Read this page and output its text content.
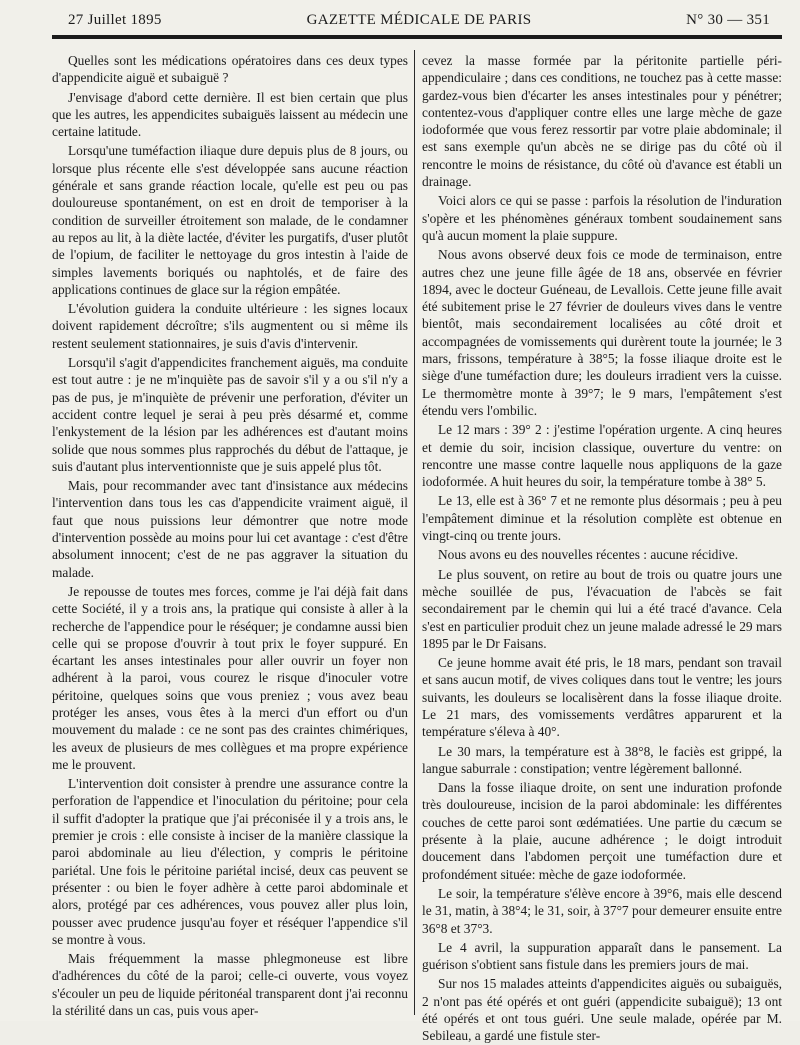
27 Juillet 1895	GAZETTE MÉDICALE DE PARIS	N° 30 — 351

Quelles sont les médications opératoires dans ces deux types d'appendicite aiguë et subaiguë ?

J'envisage d'abord cette dernière. Il est bien certain que plus que les autres, les appendicites subaiguës laissent au médecin une certaine latitude.

Lorsqu'une tuméfaction iliaque dure depuis plus de 8 jours, ou lorsque plus récente elle s'est développée sans aucune réaction générale et sans grande réaction locale, qu'elle est peu ou pas douloureuse spontanément, on est en droit de temporiser à la condition de surveiller étroitement son malade, de le condamner au repos au lit, à la diète lactée, d'éviter les purgatifs, d'user plutôt de l'opium, de faciliter le nettoyage du gros intestin à l'aide de simples lavements boriqués ou naphtolés, et de faire des applications continues de glace sur la région empâtée.

L'évolution guidera la conduite ultérieure : les signes locaux doivent rapidement décroître; s'ils augmentent ou si même ils restent seulement stationnaires, je suis d'avis d'intervenir.

Lorsqu'il s'agit d'appendicites franchement aiguës, ma conduite est tout autre : je ne m'inquiète pas de savoir s'il y a ou s'il n'y a pas de pus, je m'inquiète de prévenir une perforation, d'éviter un accident contre lequel je serai à peu près désarmé et, comme l'enkystement de la lésion par les adhérences est d'autant moins solide que nous sommes plus rapprochés du début de l'attaque, je suis d'autant plus interventionniste que je suis appelé plus tôt.

Mais, pour recommander avec tant d'insistance aux médecins l'intervention dans tous les cas d'appendicite vraiment aiguë, il faut que nous puissions leur démontrer que notre mode d'intervention possède au moins pour lui cet avantage : c'est d'être absolument innocent; c'est de ne pas aggraver la situation du malade.

Je repousse de toutes mes forces, comme je l'ai déjà fait dans cette Société, il y a trois ans, la pratique qui consiste à aller à la recherche de l'appendice pour le réséquer; je condamne aussi bien celle qui se propose d'ouvrir à tout prix le foyer suppuré. En écartant les anses intestinales pour aller ouvrir un foyer non adhérent à la paroi, vous courez le risque d'inoculer votre péritoine, quelques soins que vous preniez ; vous avez beau protéger les anses, vous êtes à la merci d'un effort ou d'un mouvement du malade : ce ne sont pas des craintes chimériques, les aveux de plusieurs de mes collègues et ma propre expérience me le prouvent.

L'intervention doit consister à prendre une assurance contre la perforation de l'appendice et l'inoculation du péritoine; pour cela il suffit d'adopter la pratique que j'ai préconisée il y a trois ans, le premier je crois : elle consiste à inciser de la manière classique la paroi abdominale au lieu d'élection, y compris le péritoine pariétal. Une fois le péritoine pariétal incisé, deux cas peuvent se présenter : ou bien le foyer adhère à cette paroi abdominale et alors, protégé par ces adhérences, vous pouvez aller plus loin, pousser avec prudence jusqu'au foyer et réséquer l'appendice s'il se montre à vous.

Mais fréquemment la masse phlegmoneuse est libre d'adhérences du côté de la paroi; celle-ci ouverte, vous voyez s'écouler un peu de liquide péritonéal transparent dont j'ai reconnu la stérilité dans un cas, puis vous aper-

cevez la masse formée par la péritonite partielle péri-appendiculaire ; dans ces conditions, ne touchez pas à cette masse: gardez-vous bien d'écarter les anses intestinales pour y pénétrer; contentez-vous d'appliquer contre elles une large mèche de gaze iodoformée que vous ferez ressortir par votre plaie abdominale; il est sans exemple qu'un abcès ne se dirige pas du côté où il rencontre le moins de résistance, du côté où d'avance est établi un drainage.

Voici alors ce qui se passe : parfois la résolution de l'induration s'opère et les phénomènes généraux tombent soudainement sans qu'à aucun moment la plaie suppure.

Nous avons observé deux fois ce mode de terminaison, entre autres chez une jeune fille âgée de 18 ans, observée en février 1894, avec le docteur Guéneau, de Levallois. Cette jeune fille avait été subitement prise le 27 février de douleurs vives dans le ventre bientôt, mais secondairement localisées au côté droit et accompagnées de vomissements qui durèrent toute la journée; le 3 mars, frissons, température à 38°5; la fosse iliaque droite est le siège d'une tuméfaction dure; les douleurs irradient vers la cuisse. Le thermomètre monte à 39°7; le 9 mars, l'empâtement s'est étendu vers l'ombilic.

Le 12 mars : 39° 2 : j'estime l'opération urgente. A cinq heures et demie du soir, incision classique, ouverture du ventre: on rencontre une masse contre laquelle nous appliquons de la gaze iodoformée. A huit heures du soir, la température tombe à 38° 5.

Le 13, elle est à 36° 7 et ne remonte plus désormais ; peu à peu l'empâtement diminue et la résolution complète est obtenue en vingt-cinq ou trente jours.

Nous avons eu des nouvelles récentes : aucune récidive.

Le plus souvent, on retire au bout de trois ou quatre jours une mèche souillée de pus, l'évacuation de l'abcès se fait secondairement par le chemin qui lui a été tracé d'avance. Cela s'est en particulier produit chez un jeune malade adressé le 29 mars 1895 par le Dr Faisans.

Ce jeune homme avait été pris, le 18 mars, pendant son travail et sans aucun motif, de vives coliques dans tout le ventre; les jours suivants, les douleurs se localisèrent dans la fosse iliaque droite. Le 21 mars, des vomissements verdâtres apparurent et la température s'éleva à 40°.

Le 30 mars, la température est à 38°8, le faciès est grippé, la langue saburrale : constipation; ventre légèrement ballonné.

Dans la fosse iliaque droite, on sent une induration profonde très douloureuse, incision de la paroi abdominale: les différentes couches de cette paroi sont œdématiées. Une partie du cæcum se présente à la plaie, aucune adhérence ; le doigt introduit doucement dans l'abdomen perçoit une tuméfaction dure et profondément située: mèche de gaze iodoformée.

Le soir, la température s'élève encore à 39°6, mais elle descend le 31, matin, à 38°4; le 31, soir, à 37°7 pour demeurer ensuite entre 36°8 et 37°3.

Le 4 avril, la suppuration apparaît dans le pansement. La guérison s'obtient sans fistule dans les premiers jours de mai.

Sur nos 15 malades atteints d'appendicites aiguës ou subaiguës, 2 n'ont pas été opérés et ont guéri (appendicite subaiguë); 13 ont été opérés et ont tous guéri. Une seule malade, opérée par M. Sebileau, a gardé une fistule ster-
